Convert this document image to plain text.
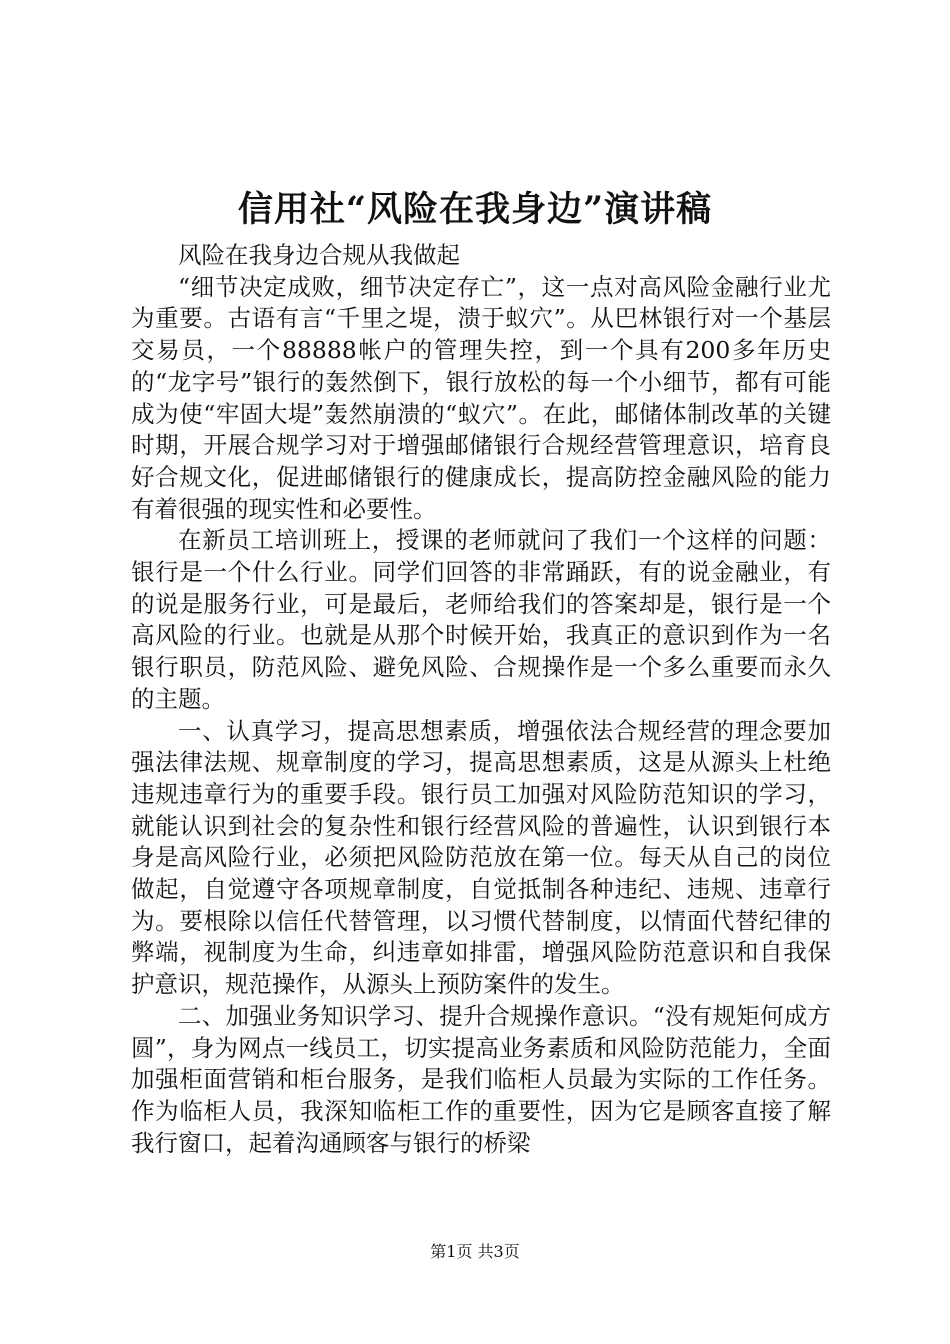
信用社“风险在我身边”演讲稿

风险在我身边合规从我做起

“细节决定成败，细节决定存亡”，这一点对高风险金融行业尤为重要。古语有言“千里之堤，溃于蚁穴”。从巴林银行对一个基层交易员，一个88888帐户的管理失控，到一个具有200多年历史的“龙字号”银行的轰然倒下，银行放松的每一个小细节，都有可能成为使“牢固大堤”轰然崩溃的“蚁穴”。在此，邮储体制改革的关键时期，开展合规学习对于增强邮储银行合规经营管理意识，培育良好合规文化，促进邮储银行的健康成长，提高防控金融风险的能力有着很强的现实性和必要性。

在新员工培训班上，授课的老师就问了我们一个这样的问题：银行是一个什么行业。同学们回答的非常踊跃，有的说金融业，有的说是服务行业，可是最后，老师给我们的答案却是，银行是一个高风险的行业。也就是从那个时候开始，我真正的意识到作为一名银行职员，防范风险、避免风险、合规操作是一个多么重要而永久的主题。

一、认真学习，提高思想素质，增强依法合规经营的理念要加强法律法规、规章制度的学习，提高思想素质，这是从源头上杜绝违规违章行为的重要手段。银行员工加强对风险防范知识的学习，就能认识到社会的复杂性和银行经营风险的普遍性，认识到银行本身是高风险行业，必须把风险防范放在第一位。每天从自己的岗位做起，自觉遵守各项规章制度，自觉抵制各种违纪、违规、违章行为。要根除以信任代替管理，以习惯代替制度，以情面代替纪律的弊端，视制度为生命，纠违章如排雷，增强风险防范意识和自我保护意识，规范操作，从源头上预防案件的发生。

二、加强业务知识学习、提升合规操作意识。“没有规矩何成方圆”，身为网点一线员工，切实提高业务素质和风险防范能力，全面加强柜面营销和柜台服务，是我们临柜人员最为实际的工作任务。作为临柜人员，我深知临柜工作的重要性，因为它是顾客直接了解我行窗口，起着沟通顾客与银行的桥梁

第1页 共3页
